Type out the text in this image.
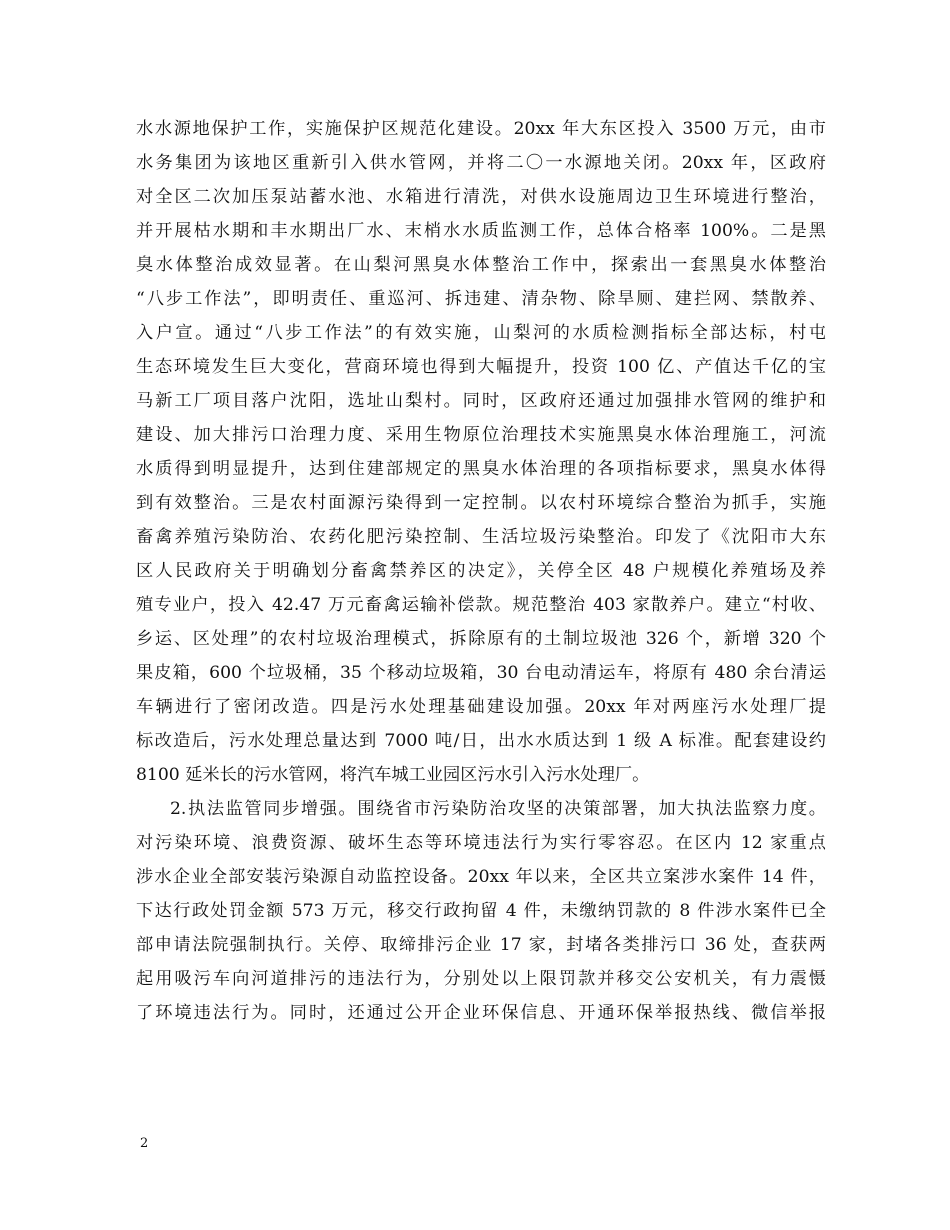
水水源地保护工作，实施保护区规范化建设。20xx 年大东区投入 3500 万元，由市
水务集团为该地区重新引入供水管网，并将二〇一水源地关闭。20xx 年，区政府
对全区二次加压泵站蓄水池、水箱进行清洗，对供水设施周边卫生环境进行整治，
并开展枯水期和丰水期出厂水、末梢水水质监测工作，总体合格率 100%。二是黑
臭水体整治成效显著。在山梨河黑臭水体整治工作中，探索出一套黑臭水体整治
“八步工作法”，即明责任、重巡河、拆违建、清杂物、除旱厕、建拦网、禁散养、
入户宣。通过“八步工作法”的有效实施，山梨河的水质检测指标全部达标，村屯
生态环境发生巨大变化，营商环境也得到大幅提升，投资 100 亿、产值达千亿的宝
马新工厂项目落户沈阳，选址山梨村。同时，区政府还通过加强排水管网的维护和
建设、加大排污口治理力度、采用生物原位治理技术实施黑臭水体治理施工，河流
水质得到明显提升，达到住建部规定的黑臭水体治理的各项指标要求，黑臭水体得
到有效整治。三是农村面源污染得到一定控制。以农村环境综合整治为抓手，实施
畜禽养殖污染防治、农药化肥污染控制、生活垃圾污染整治。印发了《沈阳市大东
区人民政府关于明确划分畜禽禁养区的决定》，关停全区 48 户规模化养殖场及养
殖专业户，投入 42.47 万元畜禽运输补偿款。规范整治 403 家散养户。建立“村收、
乡运、区处理”的农村垃圾治理模式，拆除原有的土制垃圾池 326 个，新增 320 个
果皮箱，600 个垃圾桶，35 个移动垃圾箱，30 台电动清运车，将原有 480 余台清运
车辆进行了密闭改造。四是污水处理基础建设加强。20xx 年对两座污水处理厂提
标改造后，污水处理总量达到 7000 吨/日，出水水质达到 1 级 A 标准。配套建设约
8100 延米长的污水管网，将汽车城工业园区污水引入污水处理厂。
2.执法监管同步增强。围绕省市污染防治攻坚的决策部署，加大执法监察力度。
对污染环境、浪费资源、破坏生态等环境违法行为实行零容忍。在区内 12 家重点
涉水企业全部安装污染源自动监控设备。20xx 年以来，全区共立案涉水案件 14 件，
下达行政处罚金额 573 万元，移交行政拘留 4 件，未缴纳罚款的 8 件涉水案件已全
部申请法院强制执行。关停、取缔排污企业 17 家，封堵各类排污口 36 处，查获两
起用吸污车向河道排污的违法行为，分别处以上限罚款并移交公安机关，有力震慑
了环境违法行为。同时，还通过公开企业环保信息、开通环保举报热线、微信举报
2
